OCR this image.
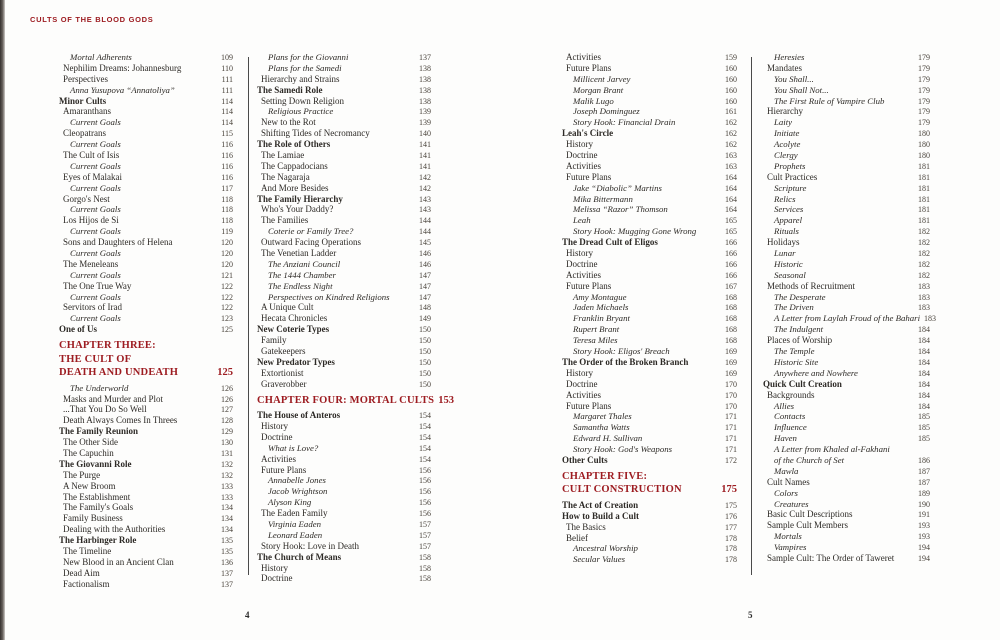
CULTS OF THE BLOOD GODS
Mortal Adherents	109
Nephilim Dreams: Johannesburg	110
Perspectives	111
Anna Yusupova “Annatoliya”	111
Minor Cults	114
Amaranthans	114
Current Goals	114
Cleopatrans	115
Current Goals	116
The Cult of Isis	116
Current Goals	116
Eyes of Malakai	116
Current Goals	117
Gorgo's Nest	118
Current Goals	118
Los Hijos de Si	118
Current Goals	119
Sons and Daughters of Helena	120
Current Goals	120
The Meneleans	120
Current Goals	121
The One True Way	122
Current Goals	122
Servitors of Irad	122
Current Goals	123
One of Us	125
CHAPTER THREE:
THE CULT OF
DEATH AND UNDEATH	125
The Underworld	126
Masks and Murder and Plot	126
...That You Do So Well	127
Death Always Comes In Threes	128
The Family Reunion	129
The Other Side	130
The Capuchin	131
The Giovanni Role	132
The Purge	132
A New Broom	133
The Establishment	133
The Family's Goals	134
Family Business	134
Dealing with the Authorities	134
The Harbinger Role	135
The Timeline	135
New Blood in an Ancient Clan	136
Dead Aim	137
Factionalism	137
Plans for the Giovanni	137
Plans for the Samedi	138
Hierarchy and Strains	138
The Samedi Role	138
Setting Down Religion	138
Religious Practice	139
New to the Rot	139
Shifting Tides of Necromancy	140
The Role of Others	141
The Lamiae	141
The Cappadocians	141
The Nagaraja	142
And More Besides	142
The Family Hierarchy	143
Who's Your Daddy?	143
The Families	144
Coterie or Family Tree?	144
Outward Facing Operations	145
The Venetian Ladder	146
The Anziani Council	146
The 1444 Chamber	147
The Endless Night	147
Perspectives on Kindred Religions	147
A Unique Cult	148
Hecata Chronicles	149
New Coterie Types	150
Family	150
Gatekeepers	150
New Predator Types	150
Extortionist	150
Graverobber	150
CHAPTER FOUR: MORTAL CULTS 153
The House of Anteros	154
History	154
Doctrine	154
What is Love?	154
Activities	154
Future Plans	156
Annabelle Jones	156
Jacob Wrightson	156
Alyson King	156
The Eaden Family	156
Virginia Eaden	157
Leonard Eaden	157
Story Hook: Love in Death	157
The Church of Means	158
History	158
Doctrine	158
Activities	159
Future Plans	160
Millicent Jarvey	160
Morgan Brant	160
Malik Lugo	160
Joseph Dominguez	161
Story Hook: Financial Drain	162
Leah's Circle	162
History	162
Doctrine	163
Activities	163
Future Plans	164
Jake “Diabolic” Martins	164
Mika Bittermann	164
Melissa “Razor” Thomson	164
Leah	165
Story Hook: Mugging Gone Wrong	165
The Dread Cult of Eligos	166
History	166
Doctrine	166
Activities	166
Future Plans	167
Amy Montague	168
Jaden Michaels	168
Franklin Bryant	168
Rupert Brant	168
Teresa Miles	168
Story Hook: Eligos' Breach	169
The Order of the Broken Branch	169
History	169
Doctrine	170
Activities	170
Future Plans	170
Margaret Thales	171
Samantha Watts	171
Edward H. Sullivan	171
Story Hook: God's Weapons	171
Other Cults	172
CHAPTER FIVE:
CULT CONSTRUCTION	175
The Act of Creation	175
How to Build a Cult	176
The Basics	177
Belief	178
Ancestral Worship	178
Secular Values	178
Heresies	179
Mandates	179
You Shall...	179
You Shall Not...	179
The First Rule of Vampire Club	179
Hierarchy	179
Laity	179
Initiate	180
Acolyte	180
Clergy	180
Prophets	181
Cult Practices	181
Scripture	181
Relics	181
Services	181
Apparel	181
Rituals	182
Holidays	182
Lunar	182
Historic	182
Seasonal	182
Methods of Recruitment	183
The Desperate	183
The Driven	183
A Letter from Laylah Froud of the Bahari 183
The Indulgent	184
Places of Worship	184
The Temple	184
Historic Site	184
Anywhere and Nowhere	184
Quick Cult Creation	184
Backgrounds	184
Allies	184
Contacts	185
Influence	185
Haven	185
A Letter from Khaled al-Fakhani
of the Church of Set	186
Mawla	187
Cult Names	187
Colors	189
Creatures	190
Basic Cult Descriptions	191
Sample Cult Members	193
Mortals	193
Vampires	194
Sample Cult: The Order of Taweret	194
4	5
